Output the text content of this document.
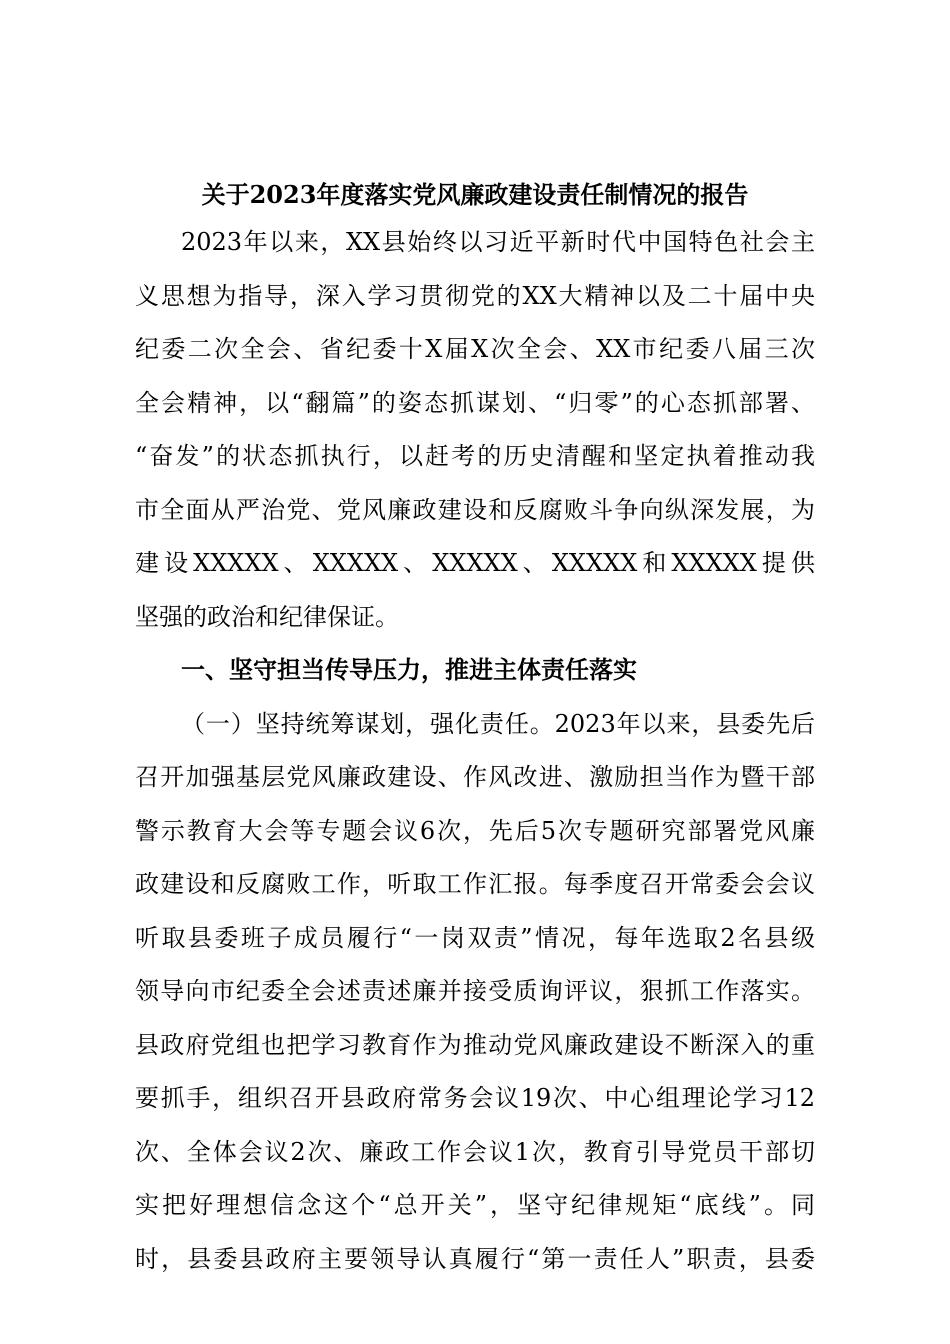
关于2023年度落实党风廉政建设责任制情况的报告
2023年以来，XX县始终以习近平新时代中国特色社会主
义思想为指导，深入学习贯彻党的XX大精神以及二十届中央
纪委二次全会、省纪委十X届X次全会、XX市纪委八届三次
全会精神，以“翻篇”的姿态抓谋划、“归零”的心态抓部署、
“奋发”的状态抓执行，以赶考的历史清醒和坚定执着推动我
市全面从严治党、党风廉政建设和反腐败斗争向纵深发展，为
建设XXXXX、XXXXX、XXXXX、XXXXX和XXXXX提供
坚强的政治和纪律保证。
一、坚守担当传导压力，推进主体责任落实
（一）坚持统筹谋划，强化责任。2023年以来，县委先后
召开加强基层党风廉政建设、作风改进、激励担当作为暨干部
警示教育大会等专题会议6次，先后5次专题研究部署党风廉
政建设和反腐败工作，听取工作汇报。每季度召开常委会会议
听取县委班子成员履行“一岗双责”情况，每年选取2名县级
领导向市纪委全会述责述廉并接受质询评议，狠抓工作落实。
县政府党组也把学习教育作为推动党风廉政建设不断深入的重
要抓手，组织召开县政府常务会议19次、中心组理论学习12
次、全体会议2次、廉政工作会议1次，教育引导党员干部切
实把好理想信念这个“总开关”，坚守纪律规矩“底线”。同
时，县委县政府主要领导认真履行“第一责任人”职责，县委
